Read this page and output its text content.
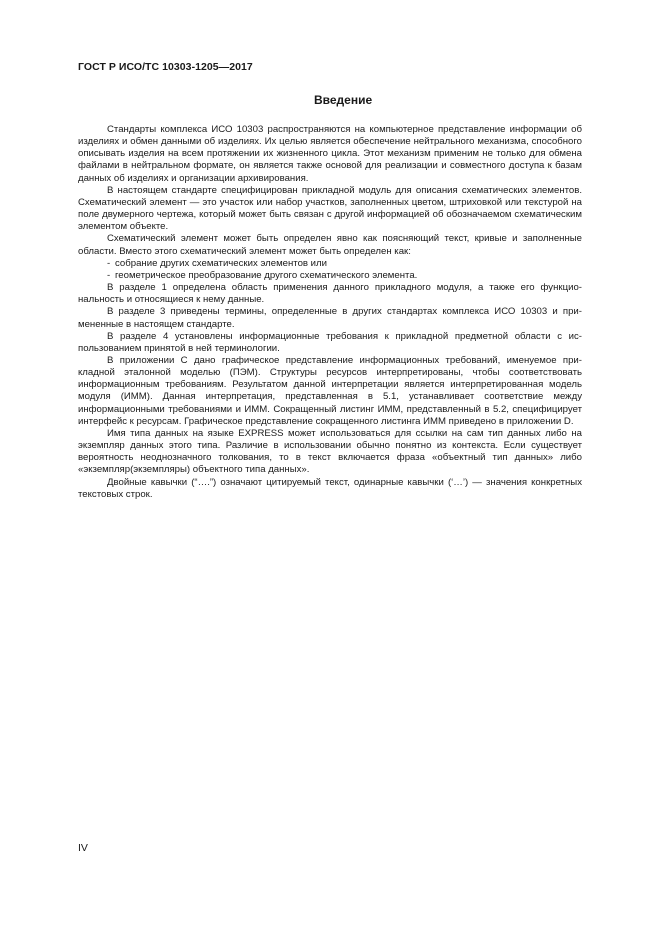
ГОСТ Р ИСО/ТС 10303-1205—2017
Введение

Стандарты комплекса ИСО 10303 распространяются на компьютерное представление информации об изделиях и обмен данными об изделиях. Их целью является обеспечение нейтрального механизма, способного описывать изделия на всем протяжении их жизненного цикла. Этот механизм применим не только для обмена файлами в нейтральном формате, он является также основой для реализации и совместного доступа к базам данных об изделиях и организации архивирования.

В настоящем стандарте специфицирован прикладной модуль для описания схематических элементов. Схематический элемент — это участок или набор участков, заполненных цветом, штриховкой или текстурой на поле двумерного чертежа, который может быть связан с другой информацией об обозначаемом схематическим элементом объекте.

Схематический элемент может быть определен явно как поясняющий текст, кривые и заполненные области. Вместо этого схематический элемент может быть определен как:

- собрание других схематических элементов или

- геометрическое преобразование другого схематического элемента.

В разделе 1 определена область применения данного прикладного модуля, а также его функциональность и относящиеся к нему данные.

В разделе 3 приведены термины, определенные в других стандартах комплекса ИСО 10303 и примененные в настоящем стандарте.

В разделе 4 установлены информационные требования к прикладной предметной области с использованием принятой в ней терминологии.

В приложении С дано графическое представление информационных требований, именуемое прикладной эталонной моделью (ПЭМ). Структуры ресурсов интерпретированы, чтобы соответствовать информационным требованиям. Результатом данной интерпретации является интерпретированная модель модуля (ИММ). Данная интерпретация, представленная в 5.1, устанавливает соответствие между информационными требованиями и ИММ. Сокращенный листинг ИММ, представленный в 5.2, специфицирует интерфейс к ресурсам. Графическое представление сокращенного листинга ИММ приведено в приложении D.

Имя типа данных на языке EXPRESS может использоваться для ссылки на сам тип данных либо на экземпляр данных этого типа. Различие в использовании обычно понятно из контекста. Если существует вероятность неоднозначного толкования, то в текст включается фраза «объектный тип данных» либо «экземпляр(экземпляры) объектного типа данных».

Двойные кавычки (“….”) означают цитируемый текст, одинарные кавычки (‘…’) — значения конкретных текстовых строк.

IV
